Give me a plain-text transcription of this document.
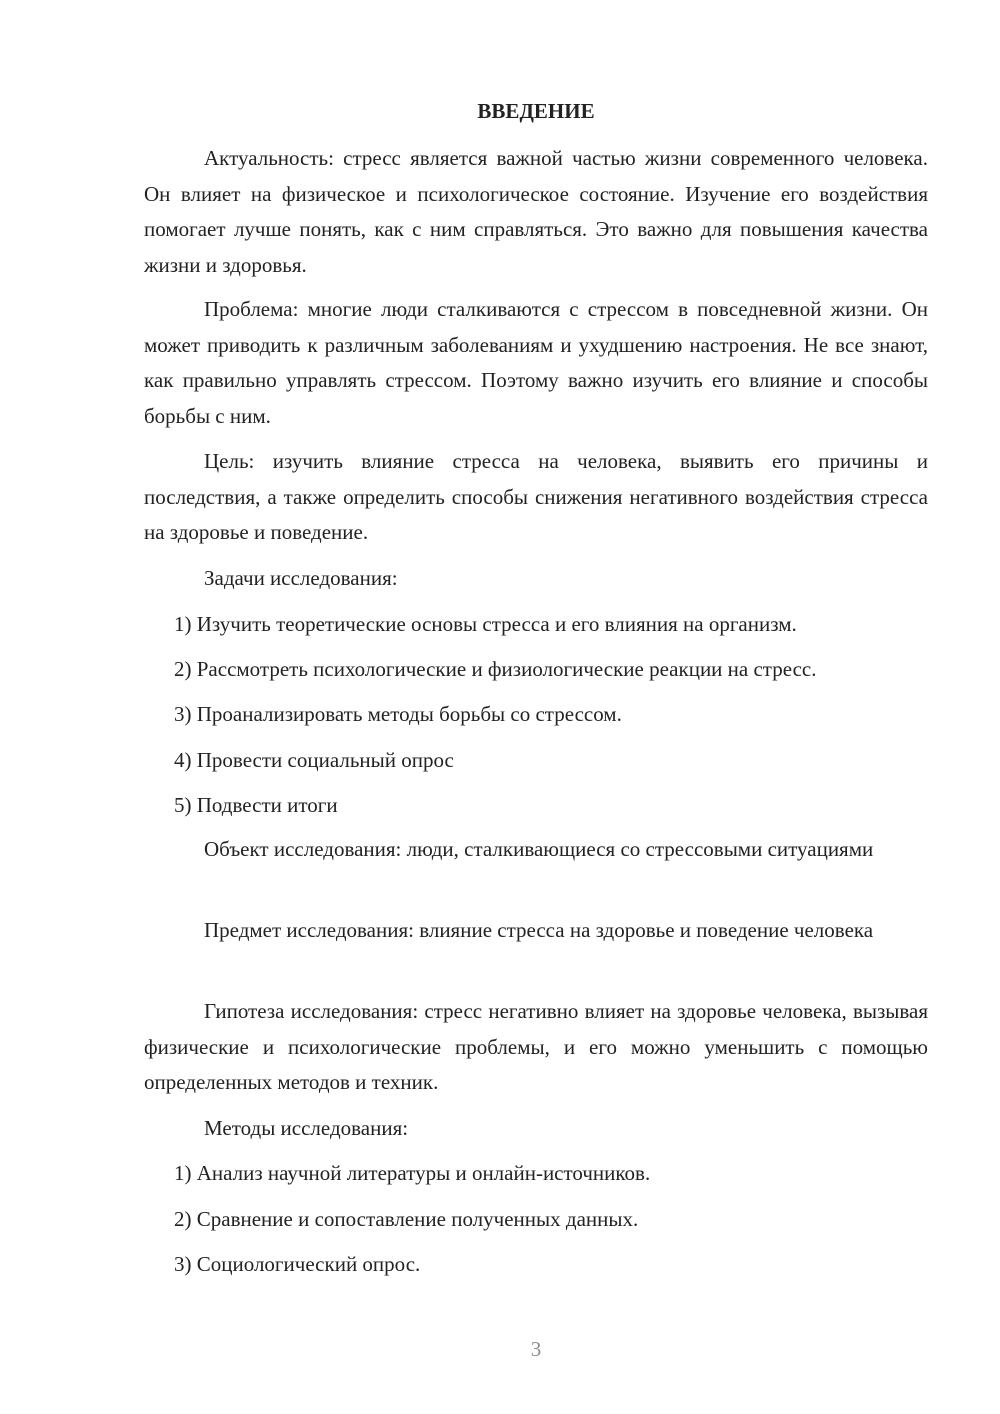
ВВЕДЕНИЕ
Актуальность: стресс является важной частью жизни современного человека. Он влияет на физическое и психологическое состояние. Изучение его воздействия помогает лучше понять, как с ним справляться. Это важно для повышения качества жизни и здоровья.
Проблема: многие люди сталкиваются с стрессом в повседневной жизни. Он может приводить к различным заболеваниям и ухудшению настроения. Не все знают, как правильно управлять стрессом. Поэтому важно изучить его влияние и способы борьбы с ним.
Цель: изучить влияние стресса на человека, выявить его причины и последствия, а также определить способы снижения негативного воздействия стресса на здоровье и поведение.
Задачи исследования:
1) Изучить теоретические основы стресса и его влияния на организм.
2) Рассмотреть психологические и физиологические реакции на стресс.
3) Проанализировать методы борьбы со стрессом.
4) Провести социальный опрос
5) Подвести итоги
Объект исследования: люди, сталкивающиеся со стрессовыми ситуациями
Предмет исследования: влияние стресса на здоровье и поведение человека
Гипотеза исследования: стресс негативно влияет на здоровье человека, вызывая физические и психологические проблемы, и его можно уменьшить с помощью определенных методов и техник.
Методы исследования:
1) Анализ научной литературы и онлайн-источников.
2) Сравнение и сопоставление полученных данных.
3) Социологический опрос.
3
